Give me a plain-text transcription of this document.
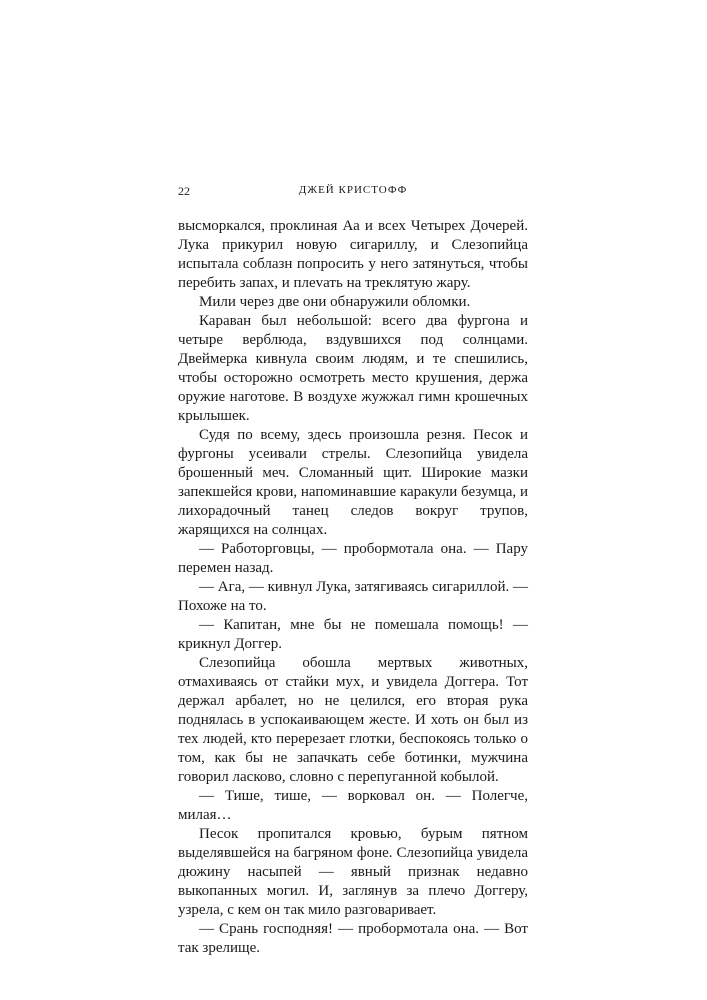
22	ДЖЕЙ КРИСТОФФ

высморкался, проклиная Аа и всех Четырех Дочерей. Лука прикурил новую сигариллу, и Слезопийца испытала соблазн попросить у него затянуться, чтобы перебить запах, и плеvать на треклятую жару.

Мили через две они обнаружили обломки.

Караван был небольшой: всего два фургона и четыре верблюда, вздувшихся под солнцами. Двеймерка кивнула своим людям, и те спешились, чтобы осторожно осмотреть место крушения, держа оружие наготове. В воздухе жужжал гимн крошечных крылышек.

Судя по всему, здесь произошла резня. Песок и фургоны усеивали стрелы. Слезопийца увидела брошенный меч. Сломанный щит. Широкие мазки запекшейся крови, напоминавшие каракули безумца, и лихорадочный танец следов вокруг трупов, жарящихся на солнцах.

— Работорговцы, — пробормотала она. — Пару перемен назад.

— Ага, — кивнул Лука, затягиваясь сигариллой. — Похоже на то.

— Капитан, мне бы не помешала помощь! — крикнул Доггер.

Слезопийца обошла мертвых животных, отмахиваясь от стайки мух, и увидела Доггера. Тот держал арбалет, но не целился, его вторая рука поднялась в успокаивающем жесте. И хоть он был из тех людей, кто перерезает глотки, беспокоясь только о том, как бы не запачкать себе ботинки, мужчина говорил ласково, словно с перепуганной кобылой.

— Тише, тише, — ворковал он. — Полегче, милая…

Песок пропитался кровью, бурым пятном выделявшейся на багряном фоне. Слезопийца увидела дюжину насыпей — явный признак недавно выкопанных могил. И, заглянув за плечо Доггеру, узрела, с кем он так мило разговаривает.

— Срань господняя! — пробормотала она. — Вот так зрелище.
